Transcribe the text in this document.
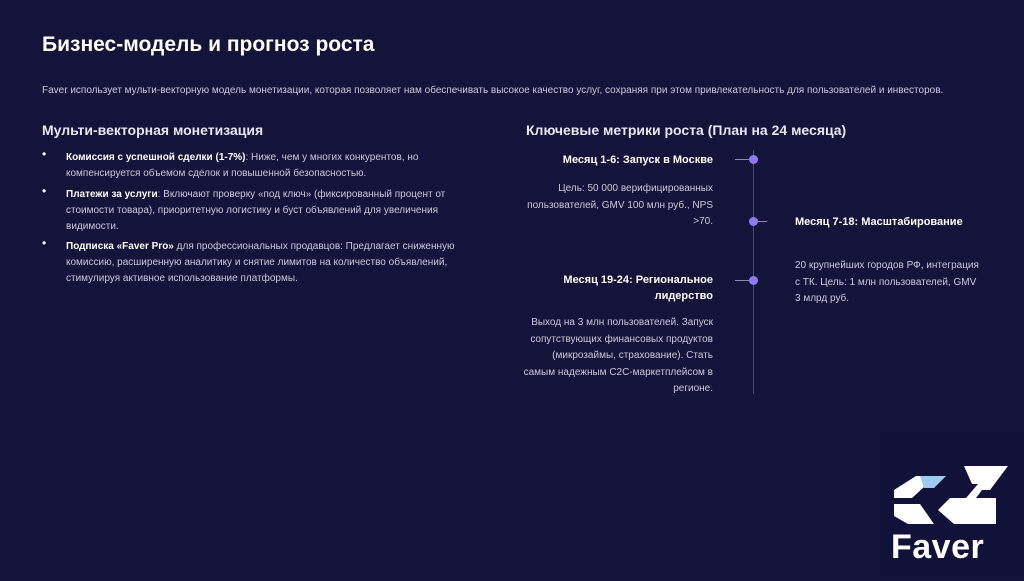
Бизнес-модель и прогноз роста
Faver использует мульти-векторную модель монетизации, которая позволяет нам обеспечивать высокое качество услуг, сохраняя при этом привлекательность для пользователей и инвесторов.
Мульти-векторная монетизация
•	Комиссия с успешной сделки (1-7%): Ниже, чем у многих конкурентов, но компенсируется объемом сделок и повышенной безопасностью.
•	Платежи за услуги: Включают проверку «под ключ» (фиксированный процент от стоимости товара), приоритетную логистику и буст объявлений для увеличения видимости.
•	Подписка «Faver Pro» для профессиональных продавцов: Предлагает сниженную комиссию, расширенную аналитику и снятие лимитов на количество объявлений, стимулируя активное использование платформы.
Ключевые метрики роста (План на 24 месяца)
Месяц 1-6: Запуск в Москве
Цель: 50 000 верифицированных пользователей, GMV 100 млн руб., NPS >70.	Месяц 7-18: Масштабирование
20 крупнейших городов РФ, интеграция с ТК. Цель: 1 млн пользователей, GMV 3 млрд руб.
Месяц 19-24: Региональное лидерство
Выход на 3 млн пользователей. Запуск сопутствующих финансовых продуктов (микрозаймы, страхование). Стать самым надежным C2C-маркетплейсом в регионе.
Faver
